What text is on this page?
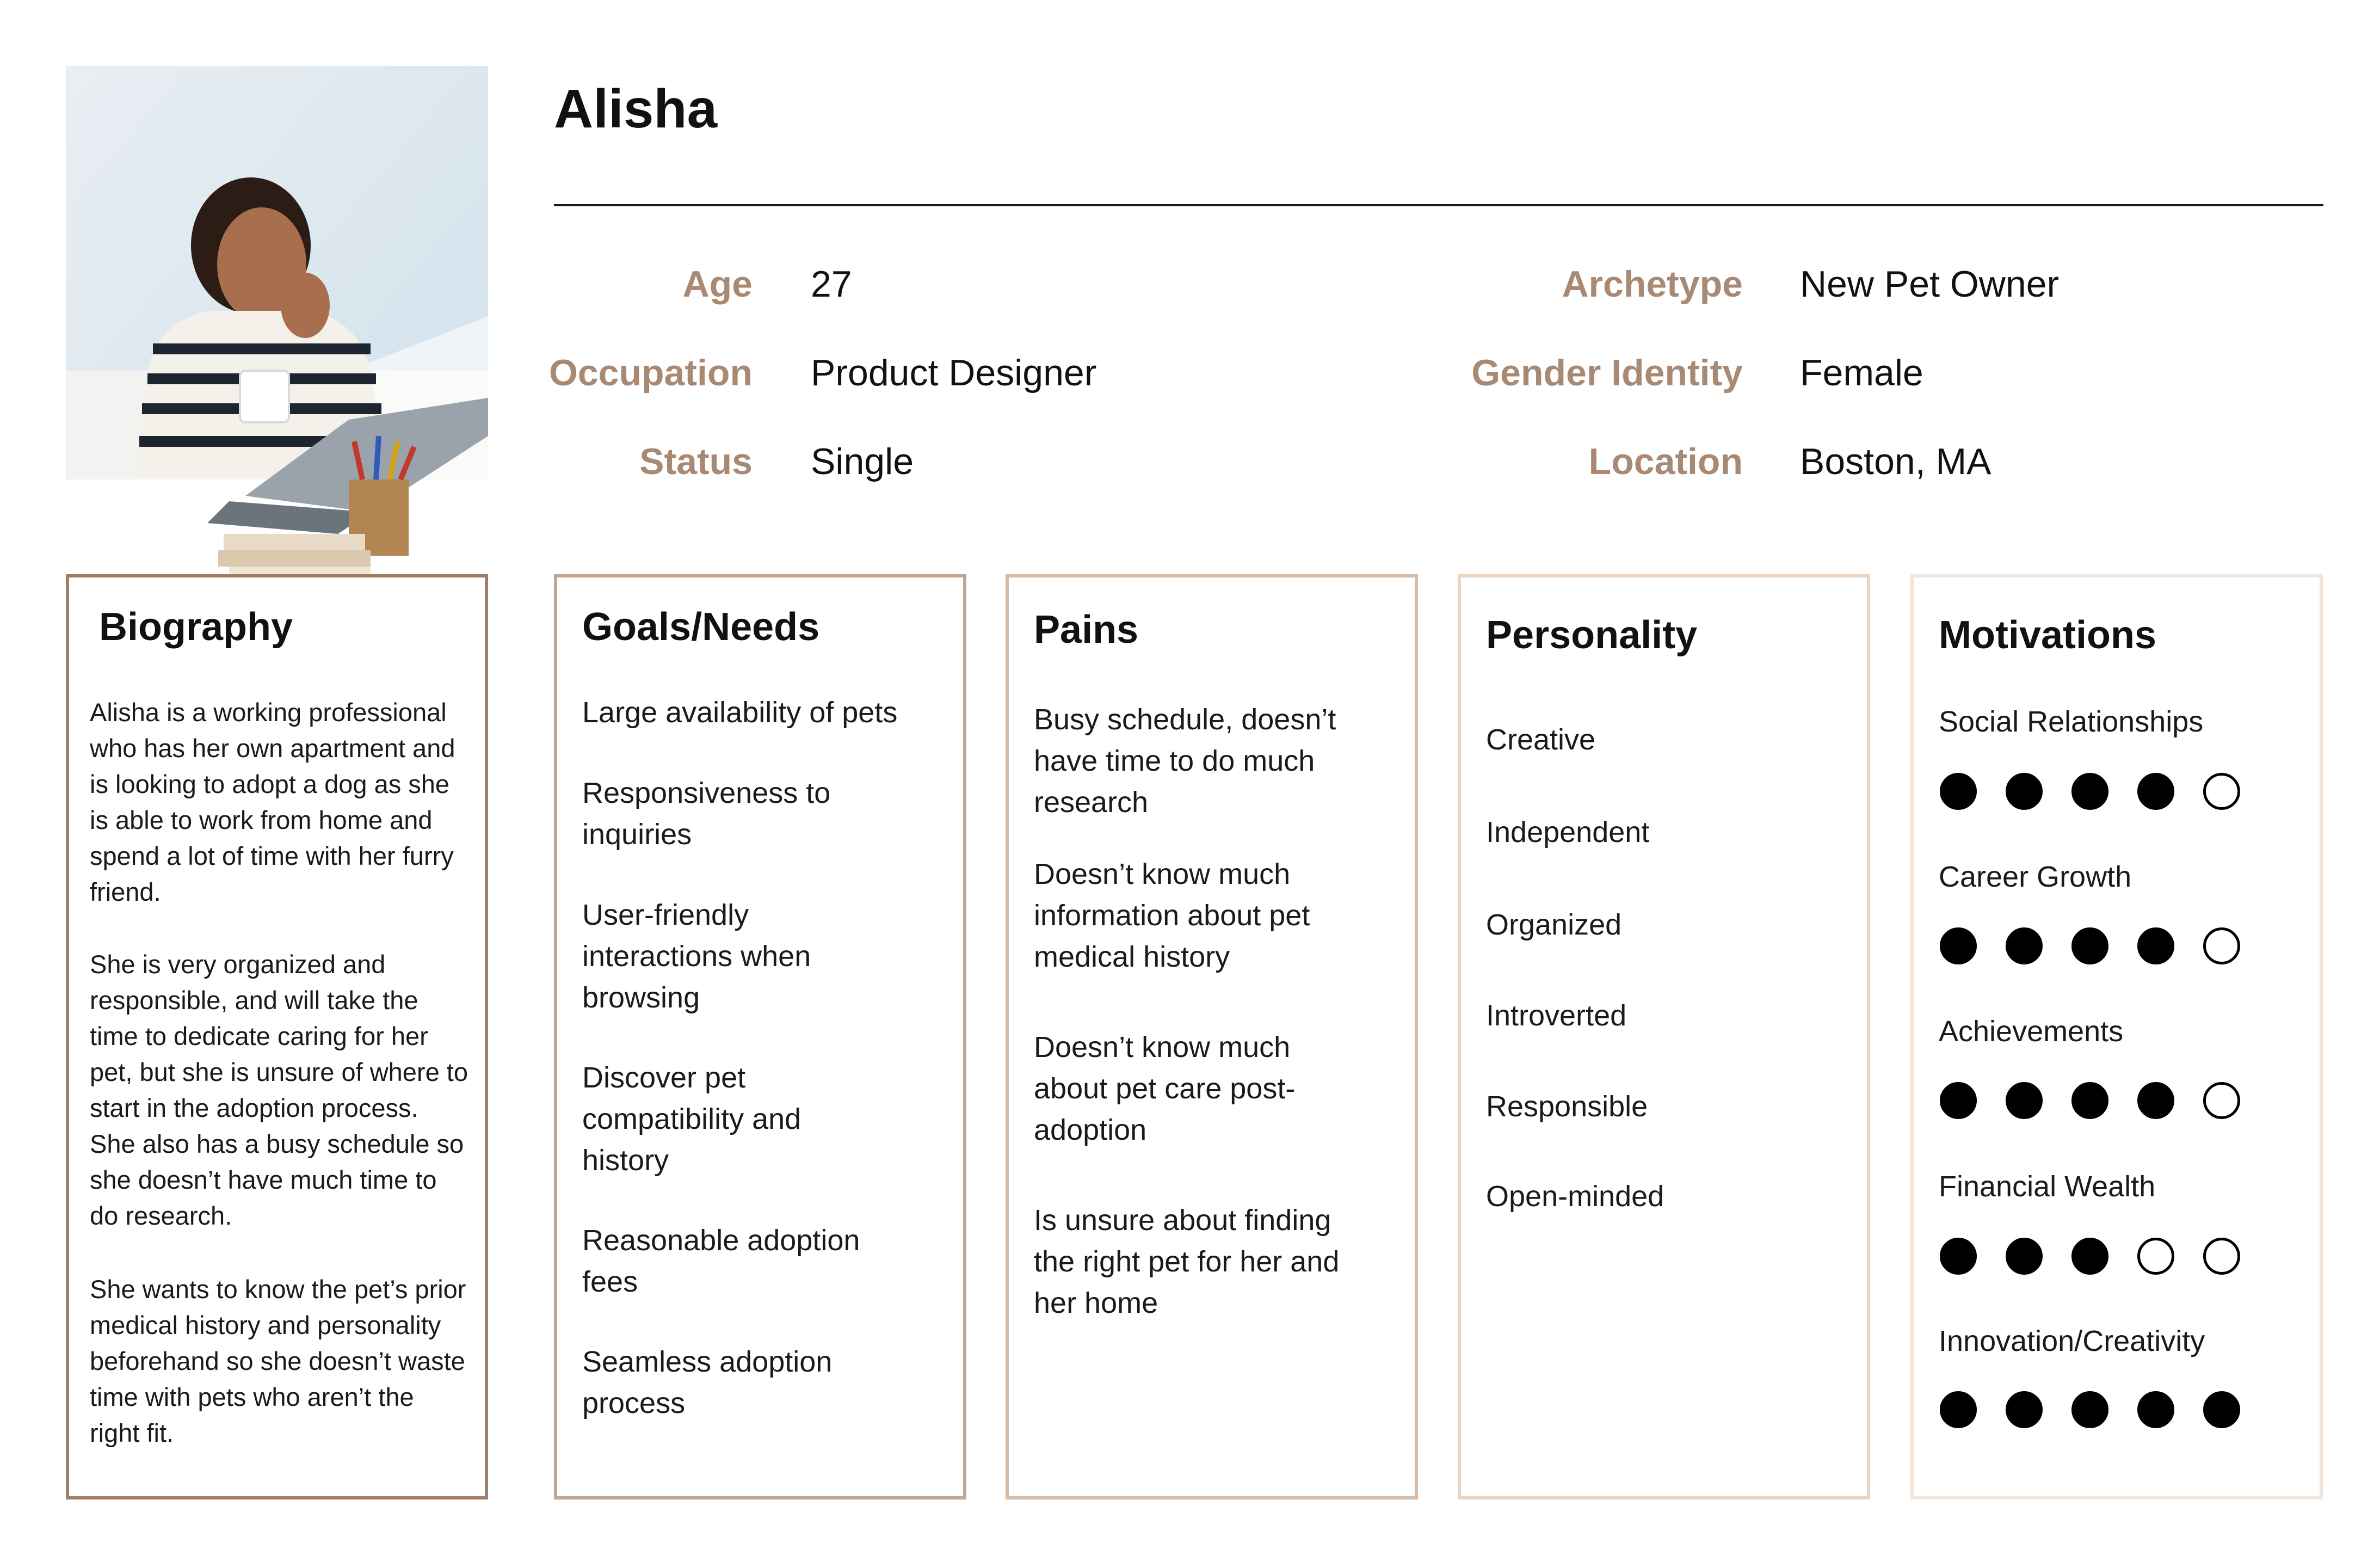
Alisha
Age 27
Occupation Product Designer
Status Single
Archetype New Pet Owner
Gender Identity Female
Location Boston, MA
Biography

Alisha is a working professional who has her own apartment and is looking to adopt a dog as she is able to work from home and spend a lot of time with her furry friend.

She is very organized and responsible, and will take the time to dedicate caring for her pet, but she is unsure of where to start in the adoption process. She also has a busy schedule so she doesn’t have much time to do research.

She wants to know the pet’s prior medical history and personality beforehand so she doesn’t waste time with pets who aren’t the right fit.

Goals/Needs
Large availability of pets
Responsiveness to inquiries
User-friendly interactions when browsing
Discover pet compatibility and history
Reasonable adoption fees
Seamless adoption process
Pains
Busy schedule, doesn’t have time to do much research
Doesn’t know much information about pet medical history
Doesn’t know much about pet care post-adoption
Is unsure about finding the right pet for her and her home
Personality
Creative
Independent
Organized
Introverted
Responsible
Open-minded
Motivations
Social Relationships
Career Growth
Achievements
Financial Wealth
Innovation/Creativity
